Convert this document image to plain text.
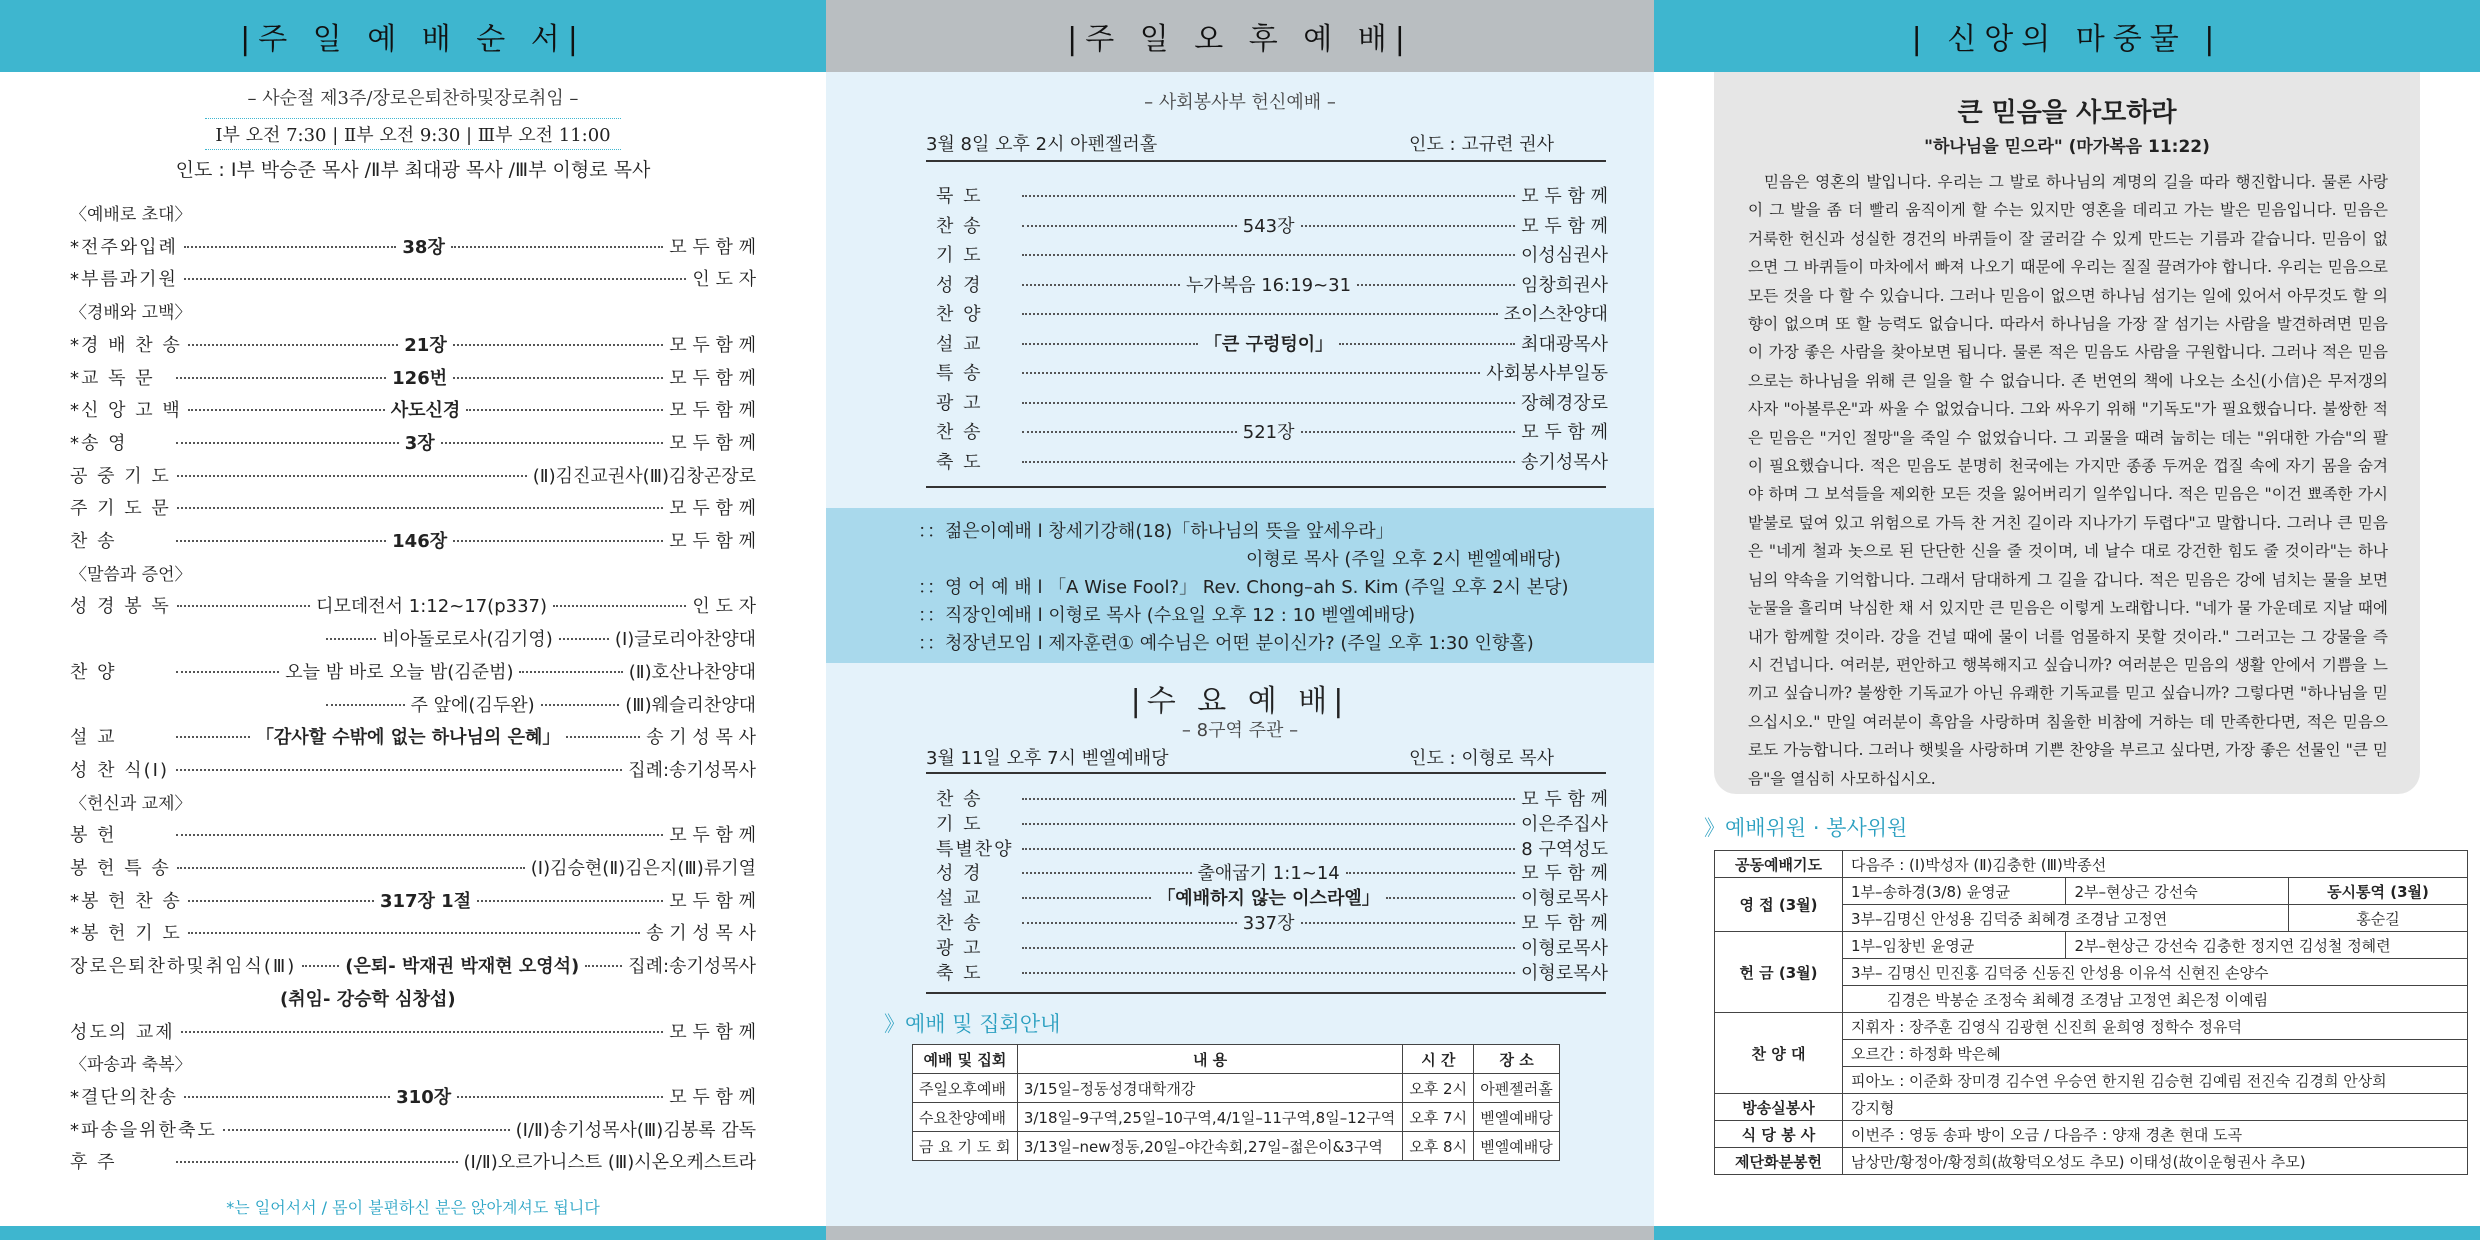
|주 일 예 배 순 서|
– 사순절 제3주/장로은퇴찬하및장로취임 –
Ⅰ부 오전 7:30 | Ⅱ부 오전 9:30 | Ⅲ부 오전 11:00
인도 : Ⅰ부 박승준 목사 /Ⅱ부 최대광 목사 /Ⅲ부 이형로 목사
〈예배로 초대〉
*전주와입례	38장	모 두 함 께
*부름과기원	인 도 자
〈경배와 고백〉
*경 배 찬 송	21장	모 두 함 께
*교 독 문	126번	모 두 함 께
*신 앙 고 백	사도신경	모 두 함 께
*송 영	3장	모 두 함 께
공 중 기 도	(Ⅱ)김진교권사(Ⅲ)김창곤장로
주 기 도 문	모 두 함 께
찬 송	146장	모 두 함 께
〈말씀과 증언〉
성 경 봉 독	디모데전서 1:12~17(p337)	인 도 자
비아돌로로사(김기영)	(Ⅰ)글로리아찬양대
찬 양	오늘 밤 바로 오늘 밤(김준범)	(Ⅱ)호산나찬양대
주 앞에(김두완)	(Ⅲ)웨슬리찬양대
설 교	「감사할 수밖에 없는 하나님의 은혜」	송 기 성 목 사
성 찬 식(Ⅰ)	집례:송기성목사
〈헌신과 교제〉
봉 헌	모 두 함 께
봉 헌 특 송	(Ⅰ)김승현(Ⅱ)김은지(Ⅲ)류기열
*봉 헌 찬 송	317장 1절	모 두 함 께
*봉 헌 기 도	송 기 성 목 사
장로은퇴찬하및취임식(Ⅲ)	(은퇴- 박재권 박재현 오영석)	집례:송기성목사
(취임- 강승학 심창섭)
성도의 교제	모 두 함 께
〈파송과 축복〉
*결단의찬송	310장	모 두 함 께
*파송을위한축도	(Ⅰ/Ⅱ)송기성목사(Ⅲ)김봉록 감독
후 주	(Ⅰ/Ⅱ)오르가니스트 (Ⅲ)시온오케스트라
*는 일어서서 / 몸이 불편하신 분은 앉아계셔도 됩니다
|주 일 오 후 예 배|
– 사회봉사부 헌신예배 –
3월 8일 오후 2시 아펜젤러홀	인도 : 고규련 권사
묵 도	모 두 함 께
찬 송	543장	모 두 함 께
기 도	이성심권사
성 경	누가복음 16:19~31	임창희권사
찬 양	조이스찬양대
설 교	「큰 구렁텅이」	최대광목사
특 송	사회봉사부일동
광 고	장혜경장로
찬 송	521장	모 두 함 께
축 도	송기성목사
：：젊은이예배 l 창세기강해(18)「하나님의 뜻을 앞세우라」
이형로 목사 (주일 오후 2시 벧엘예배당)
：：영 어 예 배 l 「A Wise Fool?」 Rev. Chong–ah S. Kim (주일 오후 2시 본당)
：：직장인예배 l 이형로 목사 (수요일 오후 12 : 10 벧엘예배당)
：：청장년모임 l 제자훈련① 예수님은 어떤 분이신가? (주일 오후 1:30 인향홀)
|수 요 예 배|
– 8구역 주관 –
3월 11일 오후 7시 벧엘예배당	인도 : 이형로 목사
찬 송	모 두 함 께
기 도	이은주집사
특별찬양	8 구역성도
성 경	출애굽기 1:1~14	모 두 함 께
설 교	「예배하지 않는 이스라엘」	이형로목사
찬 송	337장	모 두 함 께
광 고	이형로목사
축 도	이형로목사
》예배 및 집회안내
예배 및 집회	내 용	시 간	장 소
주일오후예배	3/15일–정동성경대학개강	오후 2시	아펜젤러홀
수요찬양예배	3/18일–9구역,25일–10구역,4/1일–11구역,8일–12구역	오후 7시	벧엘예배당
금 요 기 도 회	3/13일–new정동,20일–야간속회,27일–젊은이&3구역	오후 8시	벧엘예배당
| 신앙의 마중물 |
큰 믿음을 사모하라
"하나님을 믿으라" (마가복음 11:22)
믿음은 영혼의 발입니다. 우리는 그 발로 하나님의 계명의 길을 따라 행진합니다. 물론 사랑이 그 발을 좀 더 빨리 움직이게 할 수는 있지만 영혼을 데리고 가는 발은 믿음입니다. 믿음은 거룩한 헌신과 성실한 경건의 바퀴들이 잘 굴러갈 수 있게 만드는 기름과 같습니다. 믿음이 없으면 그 바퀴들이 마차에서 빠져 나오기 때문에 우리는 질질 끌려가야 합니다. 우리는 믿음으로 모든 것을 다 할 수 있습니다. 그러나 믿음이 없으면 하나님 섬기는 일에 있어서 아무것도 할 의향이 없으며 또 할 능력도 없습니다. 따라서 하나님을 가장 잘 섬기는 사람을 발견하려면 믿음이 가장 좋은 사람을 찾아보면 됩니다. 물론 적은 믿음도 사람을 구원합니다. 그러나 적은 믿음으로는 하나님을 위해 큰 일을 할 수 없습니다. 존 번연의 책에 나오는 소신(小信)은 무저갱의 사자 "아볼루온"과 싸울 수 없었습니다. 그와 싸우기 위해 "기독도"가 필요했습니다. 불쌍한 적은 믿음은 "거인 절망"을 죽일 수 없었습니다. 그 괴물을 때려 눕히는 데는 "위대한 가슴"의 팔이 필요했습니다. 적은 믿음도 분명히 천국에는 가지만 종종 두꺼운 껍질 속에 자기 몸을 숨겨야 하며 그 보석들을 제외한 모든 것을 잃어버리기 일쑤입니다. 적은 믿음은 "이건 뾰족한 가시밭불로 덮여 있고 위험으로 가득 찬 거친 길이라 지나가기 두렵다"고 말합니다. 그러나 큰 믿음은 "네게 철과 놋으로 된 단단한 신을 줄 것이며, 네 날수 대로 강건한 힘도 줄 것이라"는 하나님의 약속을 기억합니다. 그래서 담대하게 그 길을 갑니다. 적은 믿음은 강에 넘치는 물을 보면 눈물을 흘리며 낙심한 채 서 있지만 큰 믿음은 이렇게 노래합니다. "네가 물 가운데로 지날 때에 내가 함께할 것이라. 강을 건널 때에 물이 너를 엄몰하지 못할 것이라." 그러고는 그 강물을 즉시 건넙니다. 여러분, 편안하고 행복해지고 싶습니까? 여러분은 믿음의 생활 안에서 기쁨을 느끼고 싶습니까? 불쌍한 기독교가 아닌 유쾌한 기독교를 믿고 싶습니까? 그렇다면 "하나님을 믿으십시오." 만일 여러분이 흑암을 사랑하며 침울한 비참에 거하는 데 만족한다면, 적은 믿음으로도 가능합니다. 그러나 햇빛을 사랑하며 기쁜 찬양을 부르고 싶다면, 가장 좋은 선물인 "큰 믿음"을 열심히 사모하십시오.
》예배위원 · 봉사위원
공동예배기도	다음주 : (Ⅰ)박성자 (Ⅱ)김충한 (Ⅲ)박종선		
영 접 (3월)	1부–송하경(3/8) 윤영균	2부–현상근 강선숙	동시통역 (3월)
	3부–김명신 안성용 김덕중 최혜경 조경남 고정연		홍순길
헌 금 (3월)	1부–임창빈 윤영균	2부–현상근 강선숙 김충한 정지연 김성철 정혜련	
	3부– 김명신 민진홍 김덕중 신동진 안성용 이유석 신현진 손양수		
	김경은 박봉순 조정숙 최혜경 조경남 고정연 최은정 이예림		
찬 양 대	지휘자 : 장주훈 김영식 김광현 신진희 윤희영 정학수 정유덕		
	오르간 : 하정화 박은혜		
	피아노 : 이준화 장미경 김수연 우승연 한지원 김승현 김예림 전진숙 김경희 안상희		
방송실봉사	강지형		
식 당 봉 사	이번주 : 영동 송파 방이 오금 / 다음주 : 양재 경촌 현대 도곡		
제단화분봉헌	남상만/황정아/황정희(故황덕오성도 추모) 이태성(故이운형권사 추모)		
